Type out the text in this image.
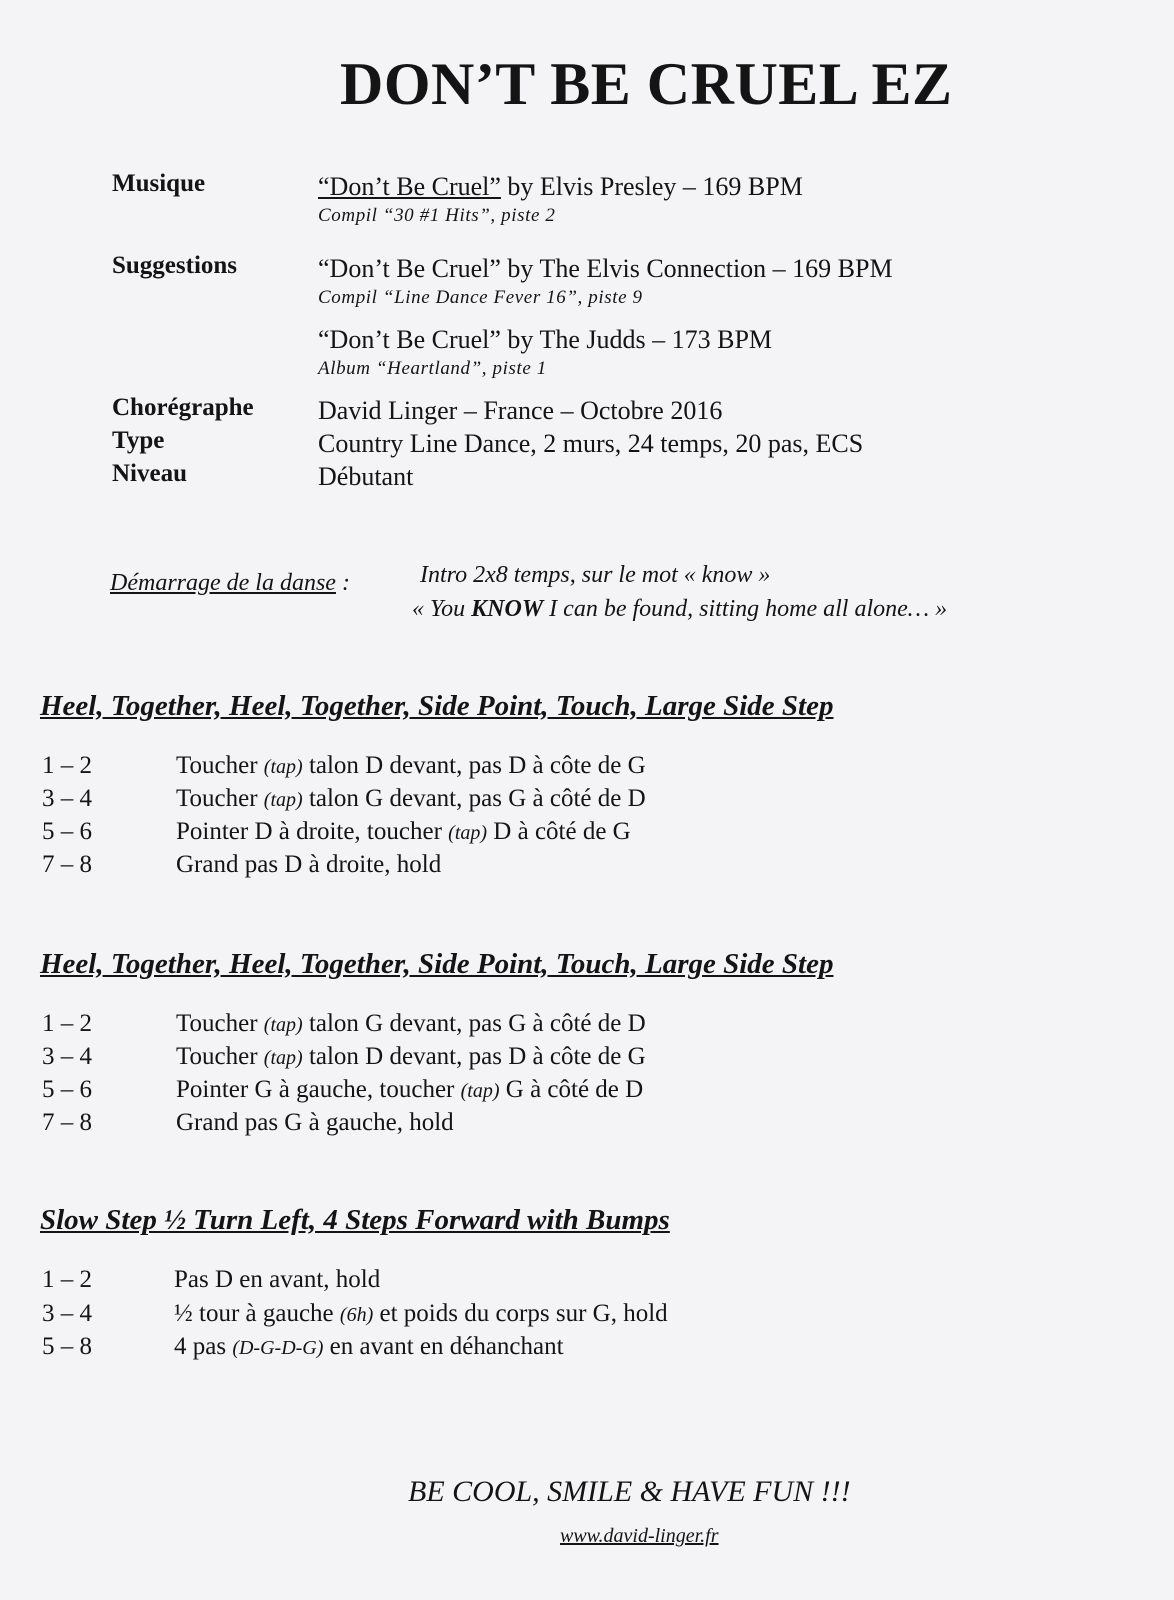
DON’T BE CRUEL EZ
Musique	“Don’t Be Cruel” by Elvis Presley – 169 BPM
Compil “30 #1 Hits”, piste 2
Suggestions	“Don’t Be Cruel” by The Elvis Connection – 169 BPM
Compil “Line Dance Fever 16”, piste 9
“Don’t Be Cruel” by The Judds – 173 BPM
Album “Heartland”, piste 1
Chorégraphe David Linger – France – Octobre 2016
Type	Country Line Dance, 2 murs, 24 temps, 20 pas, ECS
Niveau	Débutant
Démarrage de la danse :	Intro 2x8 temps, sur le mot « know »
« You KNOW I can be found, sitting home all alone… »
Heel, Together, Heel, Together, Side Point, Touch, Large Side Step
1 – 2	Toucher (tap) talon D devant, pas D à côte de G
3 – 4	Toucher (tap) talon G devant, pas G à côté de D
5 – 6	Pointer D à droite, toucher (tap) D à côté de G
7 – 8	Grand pas D à droite, hold
Heel, Together, Heel, Together, Side Point, Touch, Large Side Step
1 – 2	Toucher (tap) talon G devant, pas G à côté de D
3 – 4	Toucher (tap) talon D devant, pas D à côte de G
5 – 6	Pointer G à gauche, toucher (tap) G à côté de D
7 – 8	Grand pas G à gauche, hold
Slow Step ½ Turn Left, 4 Steps Forward with Bumps
1 – 2	Pas D en avant, hold
3 – 4	½ tour à gauche (6h) et poids du corps sur G, hold
5 – 8	4 pas (D-G-D-G) en avant en déhanchant
BE COOL, SMILE & HAVE FUN !!!
www.david-linger.fr
